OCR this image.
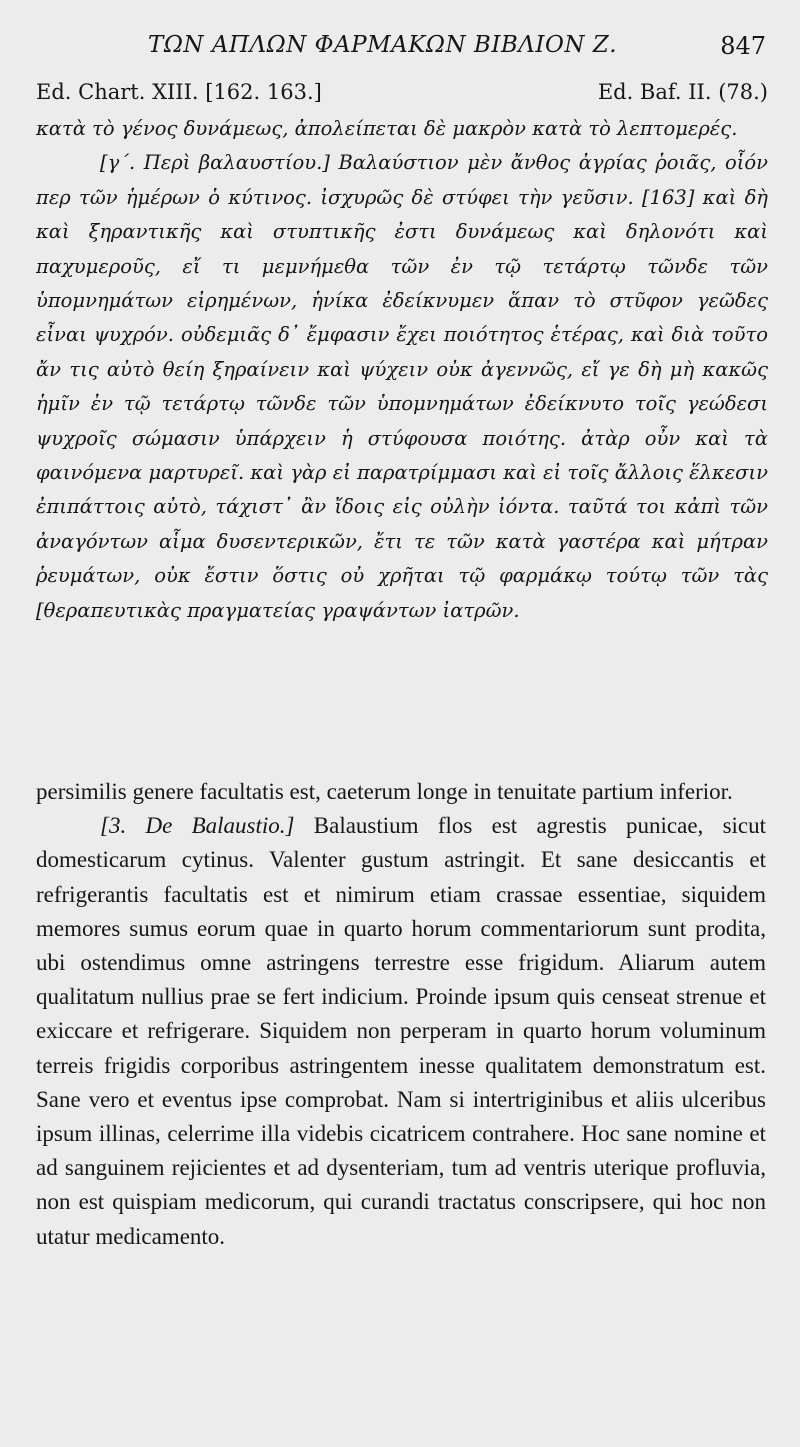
ΤΩΝ ΑΠΛΩΝ ΦΑΡΜΑΚΩΝ ΒΙΒΛΙΟΝ Ζ.	847
Ed. Chart. XIII. [162. 163.]	Ed. Baf. II. (78.)

κατὰ τὸ γένος δυνάμεως, ἀπολείπεται δὲ μακρὸν κατὰ τὸ λεπτομερές.

[γ΄. Περὶ βαλαυστίου.] Βαλαύστιον μὲν ἄνθος ἀγρίας ῥοιᾶς, οἷόν περ τῶν ἡμέρων ὁ κύτινος. ἰσχυρῶς δὲ στύφει τὴν γεῦσιν. [163] καὶ δὴ καὶ ξηραντικῆς καὶ στυπτικῆς ἐστι δυνάμεως καὶ δηλονότι καὶ παχυμεροῦς, εἴ τι μεμνήμεθα τῶν ἐν τῷ τετάρτῳ τῶνδε τῶν ὑπομνημάτων εἰρημένων, ἡνίκα ἐδείκνυμεν ἅπαν τὸ στῦφον γεῶδες εἶναι ψυχρόν. οὐδεμιᾶς δ᾽ ἔμφασιν ἔχει ποιότητος ἑτέρας, καὶ διὰ τοῦτο ἄν τις αὐτὸ θείη ξηραίνειν καὶ ψύχειν οὐκ ἀγεννῶς, εἴ γε δὴ μὴ κακῶς ἡμῖν ἐν τῷ τετάρτῳ τῶνδε τῶν ὑπομνημάτων ἐδείκνυτο τοῖς γεώδεσι ψυχροῖς σώμασιν ὑπάρχειν ἡ στύφουσα ποιότης. ἀτὰρ οὖν καὶ τὰ φαινόμενα μαρτυρεῖ. καὶ γὰρ εἰ παρατρίμμασι καὶ εἰ τοῖς ἄλλοις ἕλκεσιν ἐπιπάττοις αὐτὸ, τάχιστ᾽ ἂν ἴδοις εἰς οὐλὴν ἰόντα. ταῦτά τοι κἀπὶ τῶν ἀναγόντων αἷμα δυσεντερικῶν, ἔτι τε τῶν κατὰ γαστέρα καὶ μήτραν ῥευμάτων, οὐκ ἔστιν ὅστις οὐ χρῆται τῷ φαρμάκῳ τούτῳ τῶν τὰς [θεραπευτικὰς πραγματείας γραψάντων ἰατρῶν.

persimilis genere facultatis est, caeterum longe in tenuitate partium inferior.

[3. De Balaustio.] Balaustium flos est agrestis punicae, sicut domesticarum cytinus. Valenter gustum astringit. Et sane desiccantis et refrigerantis facultatis est et nimirum etiam crassae essentiae, siquidem memores sumus eorum quae in quarto horum commentariorum sunt prodita, ubi ostendimus omne astringens terrestre esse frigidum. Aliarum autem qualitatum nullius prae se fert indicium. Proinde ipsum quis censeat strenue et exiccare et refrigerare. Siquidem non perperam in quarto horum voluminum terreis frigidis corporibus astringentem inesse qualitatem demonstratum est. Sane vero et eventus ipse comprobat. Nam si intertriginibus et aliis ulceribus ipsum illinas, celerrime illa videbis cicatricem contrahere. Hoc sane nomine et ad sanguinem rejicientes et ad dysenteriam, tum ad ventris uterique profluvia, non est quispiam medicorum, qui curandi tractatus conscripsere, qui hoc non utatur medicamento.
